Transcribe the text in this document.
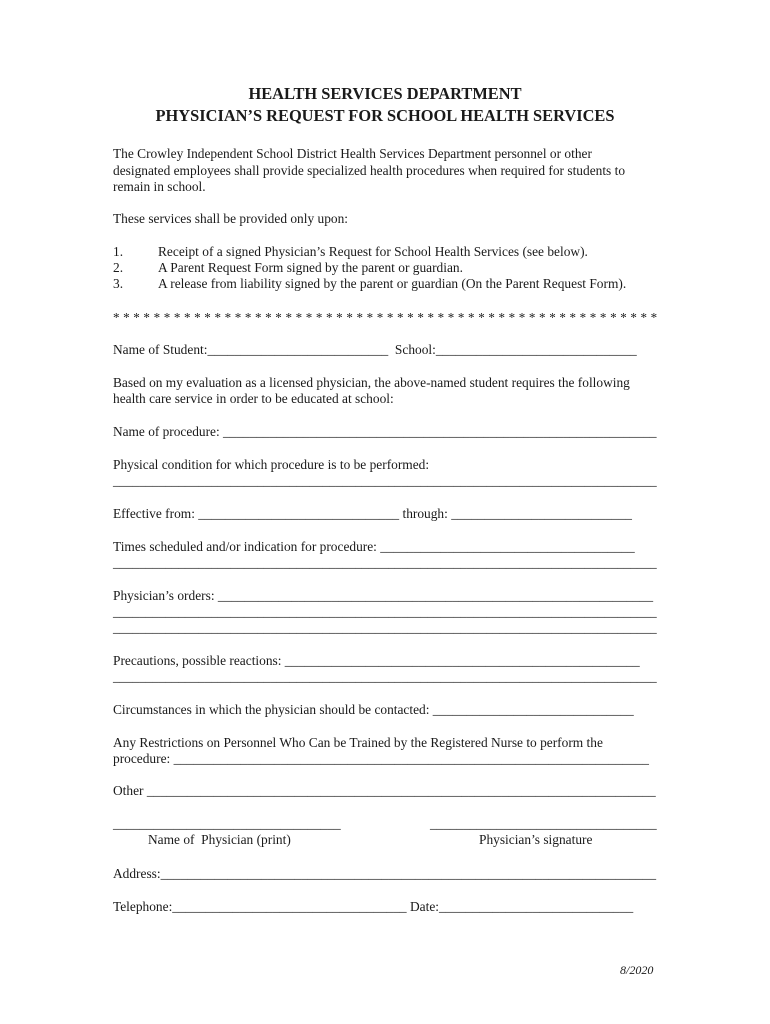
HEALTH SERVICES DEPARTMENT
PHYSICIAN’S REQUEST FOR SCHOOL HEALTH SERVICES
The Crowley Independent School District Health Services Department personnel or other
designated employees shall provide specialized health procedures when required for students to
remain in school.
These services shall be provided only upon:
1.	Receipt of a signed Physician’s Request for School Health Services (see below).
2.	A Parent Request Form signed by the parent or guardian.
3.	A release from liability signed by the parent or guardian (On the Parent Request Form).
* * * * * * * * * * * * * * * * * * * * * * * * * * * * * * * * * * * * * * * * * * * * * * * * * * * * * *
Name of Student:___________________________  School:______________________________
Based on my evaluation as a licensed physician, the above-named student requires the following
health care service in order to be educated at school:
Name of procedure: _________________________________________________________________
Physical condition for which procedure is to be performed:
___________________________________________________________________________________
Effective from: ______________________________ through: ___________________________
Times scheduled and/or indication for procedure: ______________________________________
___________________________________________________________________________________
Physician’s orders: _________________________________________________________________
___________________________________________________________________________________
___________________________________________________________________________________
Precautions, possible reactions: _____________________________________________________
___________________________________________________________________________________
Circumstances in which the physician should be contacted: ______________________________
Any Restrictions on Personnel Who Can be Trained by the Registered Nurse to perform the
procedure: _______________________________________________________________________
Other ____________________________________________________________________________
__________________________________	__________________________________
Name of  Physician (print)	Physician’s signature
Address:__________________________________________________________________________
Telephone:___________________________________ Date:_____________________________
8/2020
